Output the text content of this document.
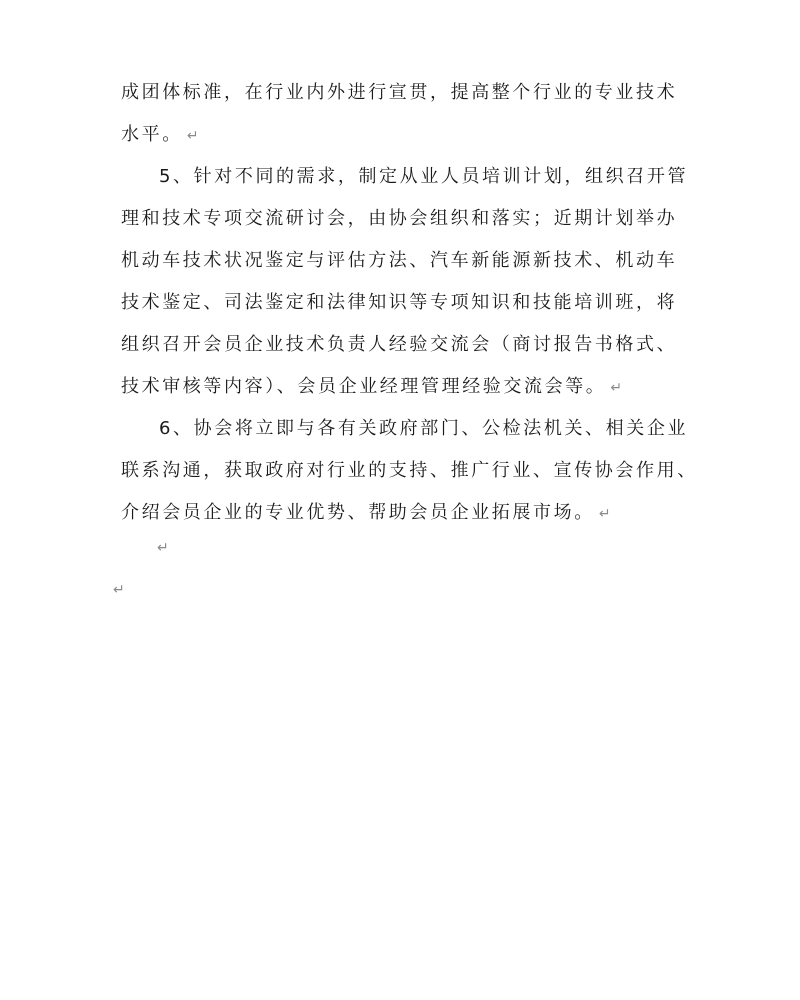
成团体标准，在行业内外进行宣贯，提高整个行业的专业技术
水平。 ↵
5、针对不同的需求，制定从业人员培训计划，组织召开管
理和技术专项交流研讨会，由协会组织和落实；近期计划举办
机动车技术状况鉴定与评估方法、汽车新能源新技术、机动车
技术鉴定、司法鉴定和法律知识等专项知识和技能培训班，将
组织召开会员企业技术负责人经验交流会（商讨报告书格式、
技术审核等内容）、会员企业经理管理经验交流会等。 ↵
6、协会将立即与各有关政府部门、公检法机关、相关企业
联系沟通，获取政府对行业的支持、推广行业、宣传协会作用、
介绍会员企业的专业优势、帮助会员企业拓展市场。 ↵
↵
↵
